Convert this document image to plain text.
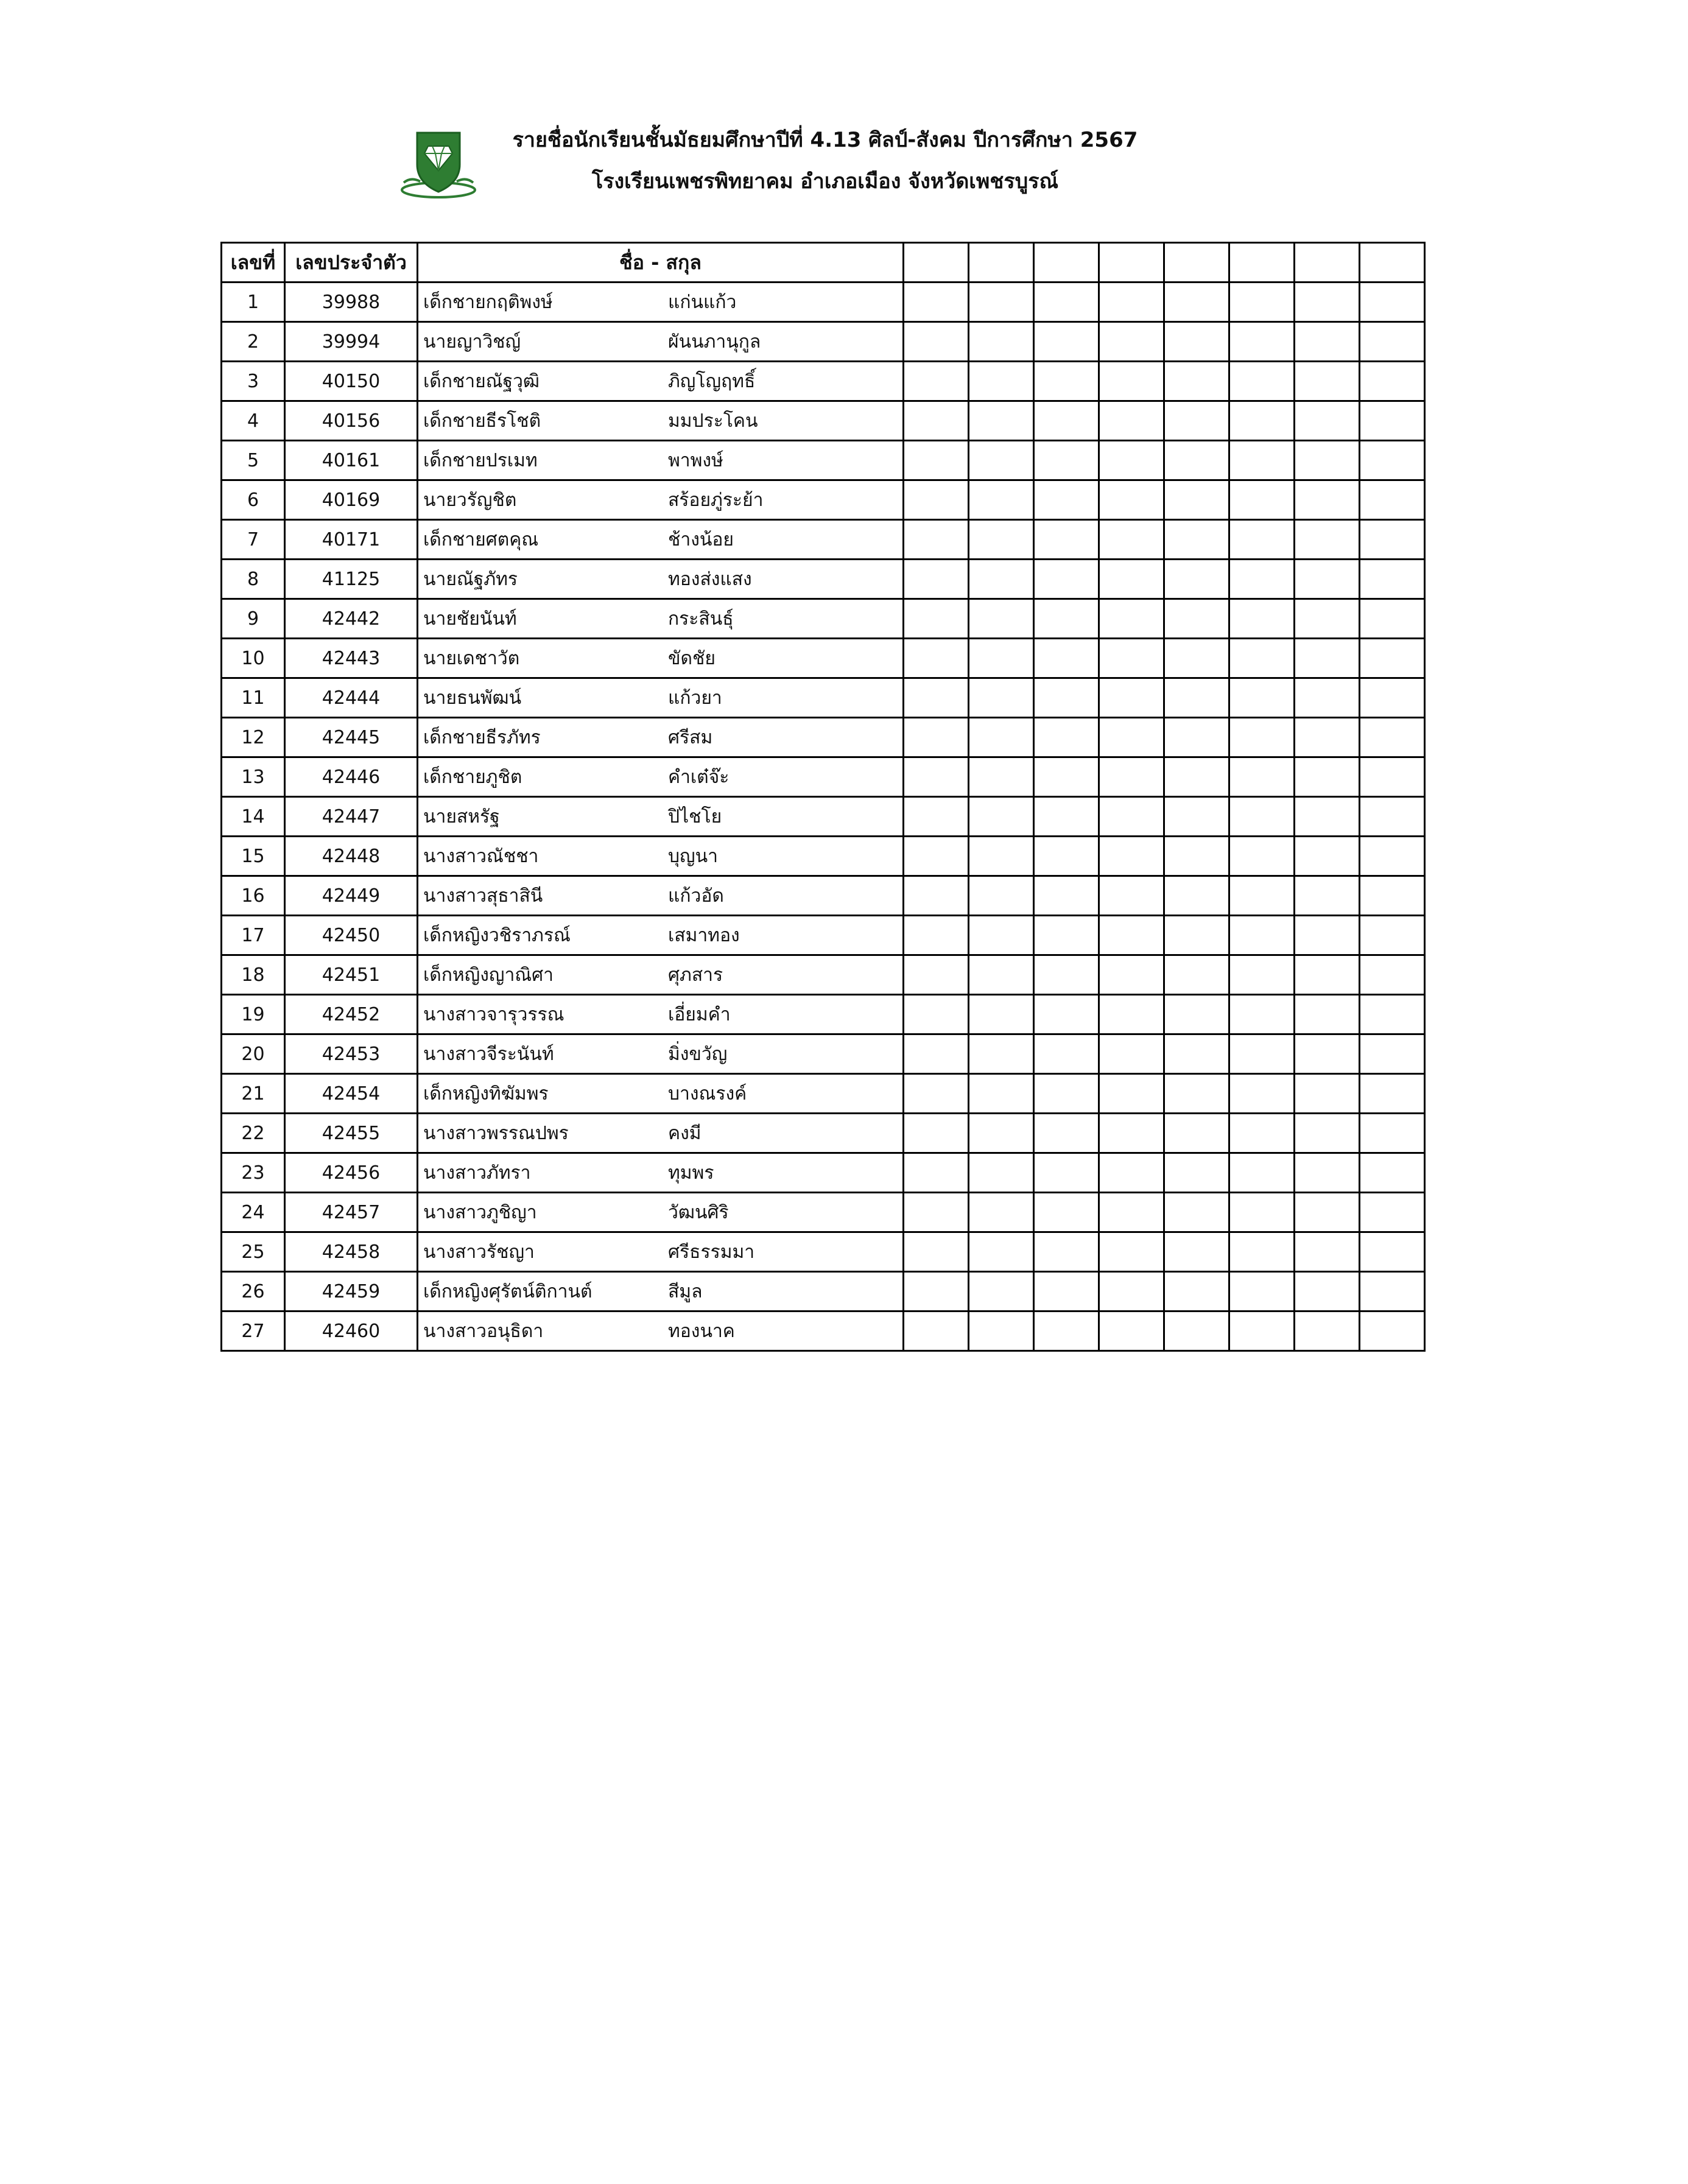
รายชื่อนักเรียนชั้นมัธยมศึกษาปีที่ 4.13 ศิลป์-สังคม ปีการศึกษา 2567
โรงเรียนเพชรพิทยาคม อำเภอเมือง จังหวัดเพชรบูรณ์
เลขที่	เลขประจำตัว	ชื่อ - สกุล								
1	39988	เด็กชายกฤติพงษ์ แก่นแก้ว								

2	39994	นายญาวิชญ์ ผันนภานุกูล								

3	40150	เด็กชายณัฐวุฒิ ภิญโญฤทธิ์								

4	40156	เด็กชายธีรโชติ มมประโคน								

5	40161	เด็กชายปรเมท พาพงษ์								

6	40169	นายวรัญชิต สร้อยภู่ระย้า								

7	40171	เด็กชายศตคุณ ช้างน้อย								

8	41125	นายณัฐภัทร ทองส่งแสง								

9	42442	นายชัยนันท์ กระสินธุ์								

10	42443	นายเดชาวัต ขัดชัย								

11	42444	นายธนพัฒน์ แก้วยา								

12	42445	เด็กชายธีรภัทร ศรีสม								

13	42446	เด็กชายภูชิต คำเต๋จ๊ะ								

14	42447	นายสหรัฐ ปิไชโย								

15	42448	นางสาวณัชชา บุญนา								

16	42449	นางสาวสุธาสินี แก้วอัด								

17	42450	เด็กหญิงวชิราภรณ์ เสมาทอง								

18	42451	เด็กหญิงญาณิศา ศุภสาร								

19	42452	นางสาวจารุวรรณ เอี่ยมคำ								

20	42453	นางสาวจีระนันท์ มิ่งขวัญ								

21	42454	เด็กหญิงทิฆัมพร บางณรงค์								

22	42455	นางสาวพรรณปพร คงมี								

23	42456	นางสาวภัทรา ทุมพร								

24	42457	นางสาวภูชิญา วัฒนศิริ								

25	42458	นางสาวรัชญา ศรีธรรมมา								

26	42459	เด็กหญิงศุรัตน์ติกานต์ สีมูล								

27	42460	นางสาวอนุธิดา ทองนาค								
